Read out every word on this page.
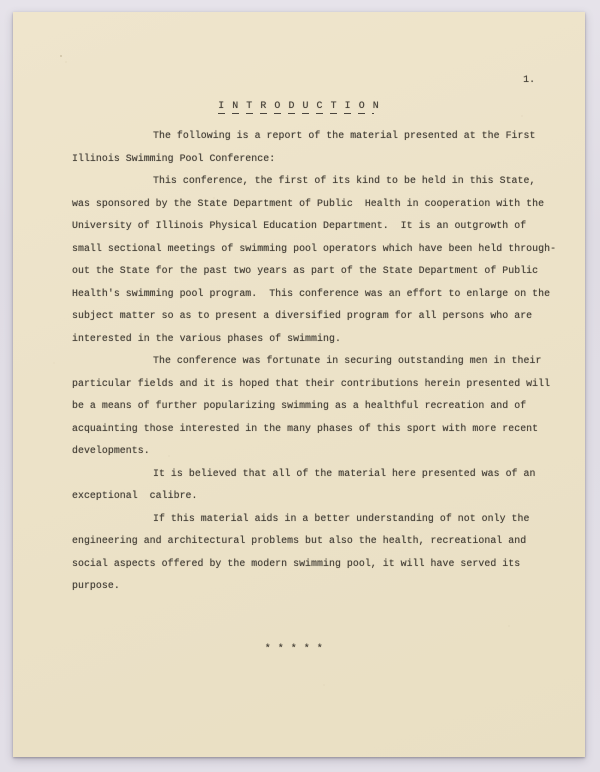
1.
I N T R O D U C T I O N
The following is a report of the material presented at the First
Illinois Swimming Pool Conference:
This conference, the first of its kind to be held in this State,
was sponsored by the State Department of Public  Health in cooperation with the
University of Illinois Physical Education Department.  It is an outgrowth of
small sectional meetings of swimming pool operators which have been held through-
out the State for the past two years as part of the State Department of Public
Health's swimming pool program.  This conference was an effort to enlarge on the
subject matter so as to present a diversified program for all persons who are
interested in the various phases of swimming.
The conference was fortunate in securing outstanding men in their
particular fields and it is hoped that their contributions herein presented will
be a means of further popularizing swimming as a healthful recreation and of
acquainting those interested in the many phases of this sport with more recent
developments.
It is believed that all of the material here presented was of an
exceptional  calibre.
If this material aids in a better understanding of not only the
engineering and architectural problems but also the health, recreational and
social aspects offered by the modern swimming pool, it will have served its
purpose.
* * * * *
